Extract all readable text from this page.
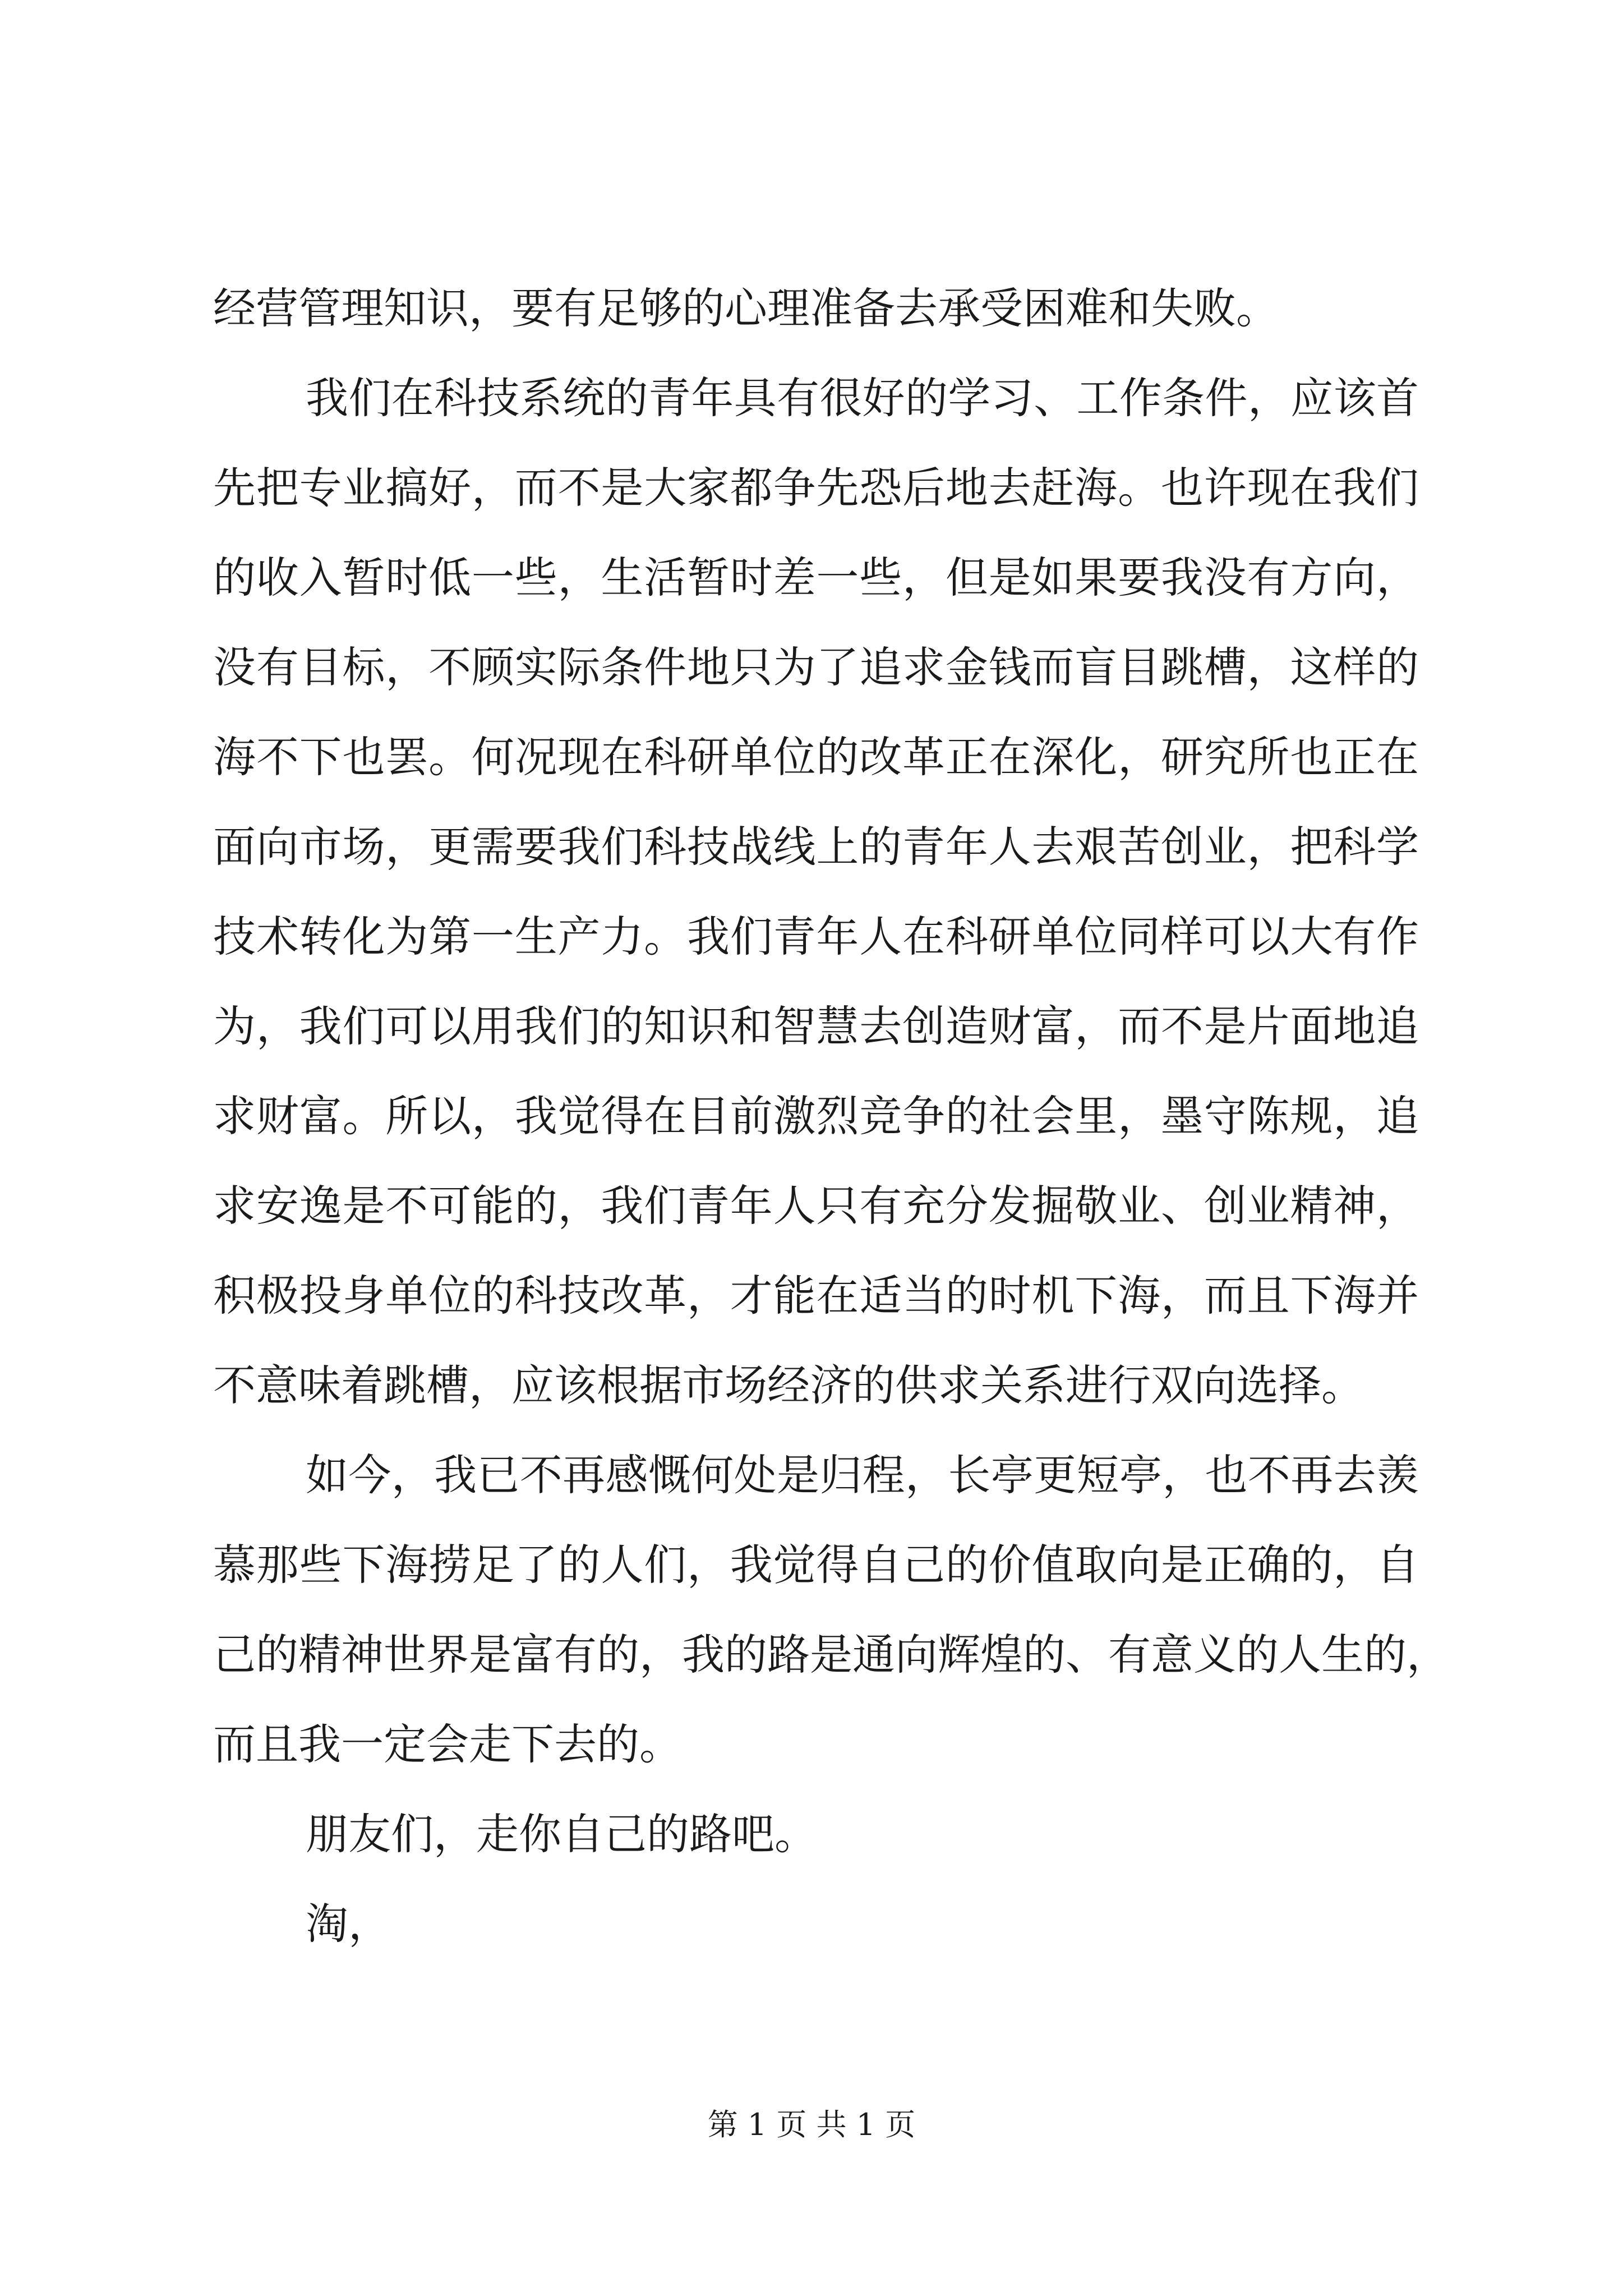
经营管理知识，要有足够的心理准备去承受困难和失败。
我们在科技系统的青年具有很好的学习、工作条件，应该首
先把专业搞好，而不是大家都争先恐后地去赶海。也许现在我们
的收入暂时低一些，生活暂时差一些，但是如果要我没有方向，
没有目标，不顾实际条件地只为了追求金钱而盲目跳槽，这样的
海不下也罢。何况现在科研单位的改革正在深化，研究所也正在
面向市场，更需要我们科技战线上的青年人去艰苦创业，把科学
技术转化为第一生产力。我们青年人在科研单位同样可以大有作
为，我们可以用我们的知识和智慧去创造财富，而不是片面地追
求财富。所以，我觉得在目前激烈竞争的社会里，墨守陈规，追
求安逸是不可能的，我们青年人只有充分发掘敬业、创业精神，
积极投身单位的科技改革，才能在适当的时机下海，而且下海并
不意味着跳槽，应该根据市场经济的供求关系进行双向选择。
如今，我已不再感慨何处是归程，长亭更短亭，也不再去羡
慕那些下海捞足了的人们，我觉得自己的价值取向是正确的，自
己的精神世界是富有的，我的路是通向辉煌的、有意义的人生的，
而且我一定会走下去的。
朋友们，走你自己的路吧。
淘，
第 1 页 共 1 页
